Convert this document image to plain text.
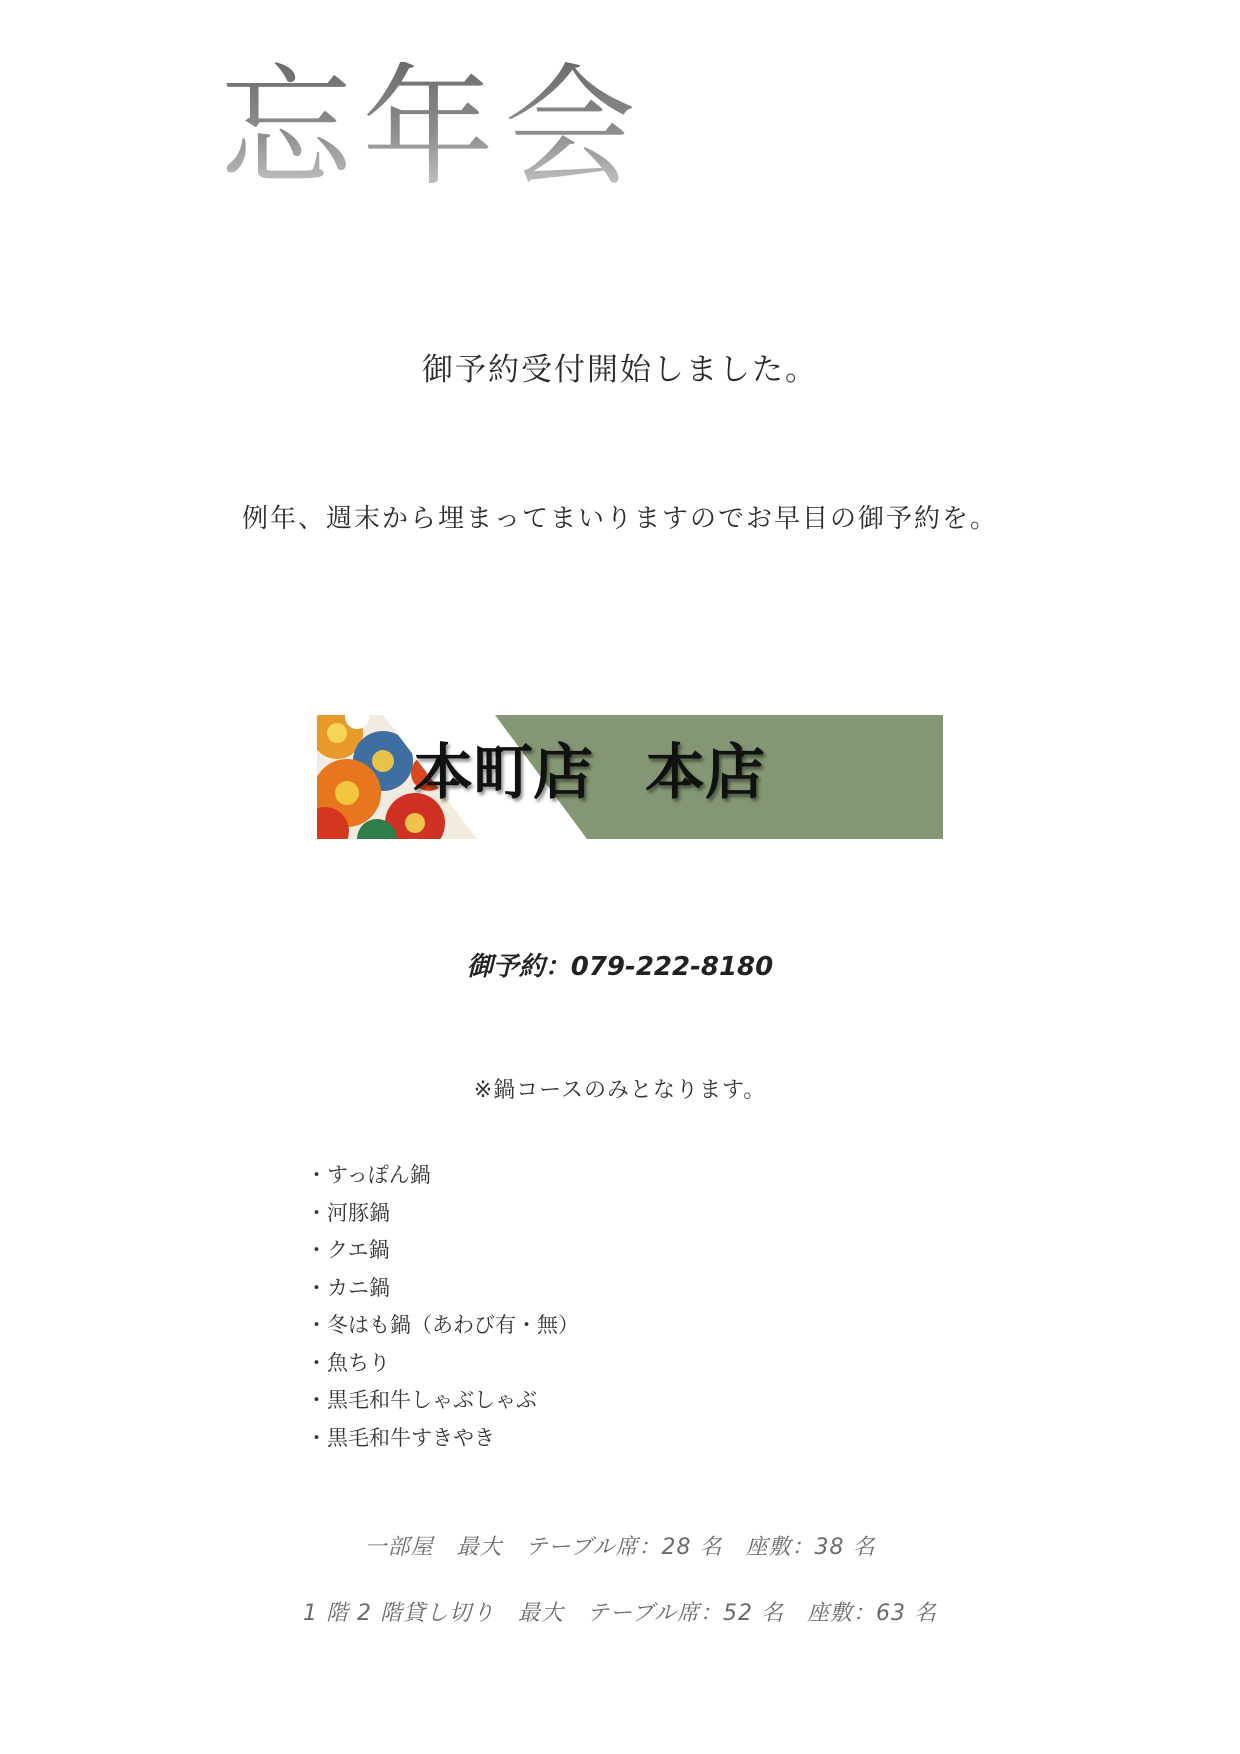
忘年会
御予約受付開始しました。
例年、週末から埋まってまいりますのでお早目の御予約を。
本町店 本店
御予約：079-222-8180
※鍋コースのみとなります。
・すっぽん鍋
・河豚鍋
・クエ鍋
・カニ鍋
・冬はも鍋（あわび有・無）
・魚ちり
・黒毛和牛しゃぶしゃぶ
・黒毛和牛すきやき
一部屋　最大　テーブル席：28 名　座敷：38 名
1 階 2 階貸し切り　最大　テーブル席：52 名　座敷：63 名
